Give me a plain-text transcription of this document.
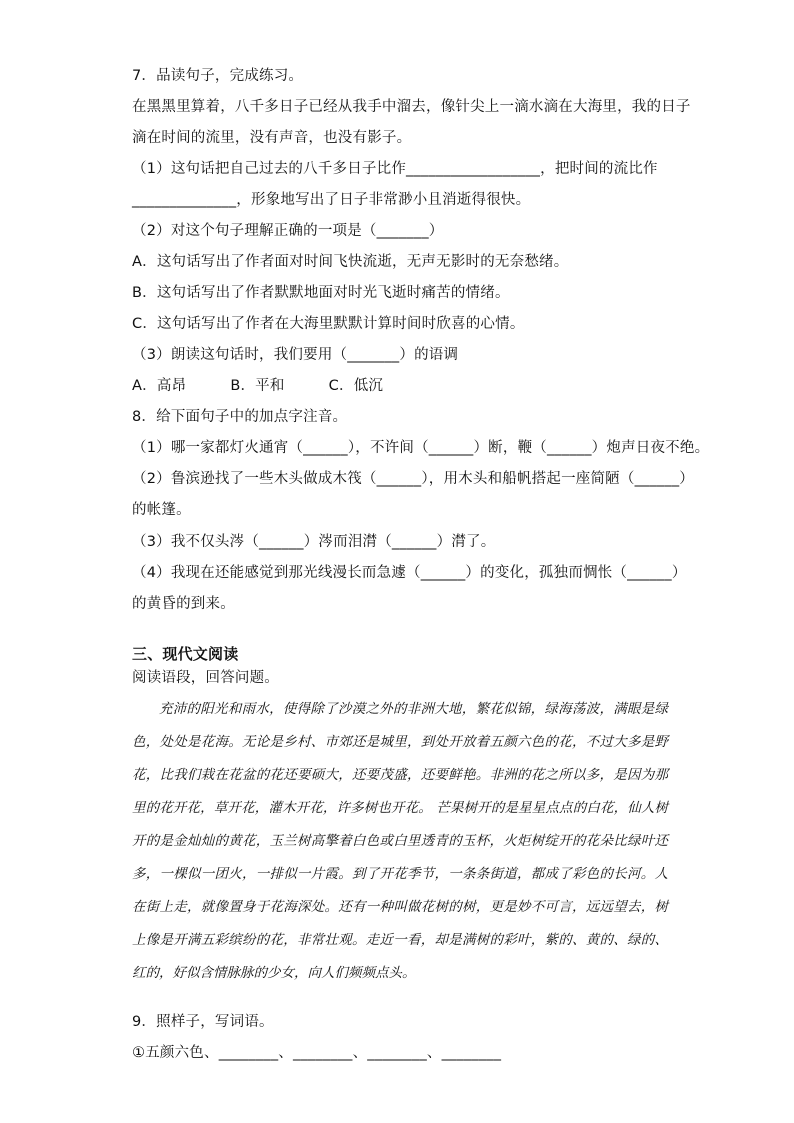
7．品读句子，完成练习。
在黑黑里算着，八千多日子已经从我手中溜去，像针尖上一滴水滴在大海里，我的日子
滴在时间的流里，没有声音，也没有影子。
（1）这句话把自己过去的八千多日子比作__________________，把时间的流比作
______________，形象地写出了日子非常渺小且消逝得很快。
（2）对这个句子理解正确的一项是（_______）
A．这句话写出了作者面对时间飞快流逝，无声无影时的无奈愁绪。
B．这句话写出了作者默默地面对时光飞逝时痛苦的情绪。
C．这句话写出了作者在大海里默默计算时间时欣喜的心情。
（3）朗读这句话时，我们要用（_______）的语调
A．高昂　　　B．平和　　　C．低沉
8．给下面句子中的加点字注音。
（1）哪一家都灯火通宵（______），不许间（______）断，鞭（______）炮声日夜不绝。
（2）鲁滨逊找了一些木头做成木筏（______），用木头和船帆搭起一座简陋（______）
的帐篷。
（3）我不仅头涔（______）涔而泪潸（______）潸了。
（4）我现在还能感觉到那光线漫长而急遽（______）的变化，孤独而惆怅（______）
的黄昏的到来。
三、现代文阅读
阅读语段，回答问题。

充沛的阳光和雨水，使得除了沙漠之外的非洲大地，繁花似锦，绿海荡波，满眼是绿色，处处是花海。无论是乡村、市郊还是城里，到处开放着五颜六色的花，不过大多是野花，比我们栽在花盆的花还要硕大，还要茂盛，还要鲜艳。非洲的花之所以多，是因为那里的花开花，草开花，灌木开花，许多树也开花。 芒果树开的是星星点点的白花，仙人树开的是金灿灿的黄花，玉兰树高擎着白色或白里透青的玉杯，火炬树绽开的花朵比绿叶还多，一棵似一团火，一排似一片霞。到了开花季节，一条条街道，都成了彩色的长河。人在街上走，就像置身于花海深处。还有一种叫做花树的树，更是妙不可言，远远望去，树上像是开满五彩缤纷的花，非常壮观。走近一看，却是满树的彩叶，紫的、黄的、绿的、红的，好似含情脉脉的少女，向人们频频点头。

9．照样子，写词语。
①五颜六色、________、________、________、________
